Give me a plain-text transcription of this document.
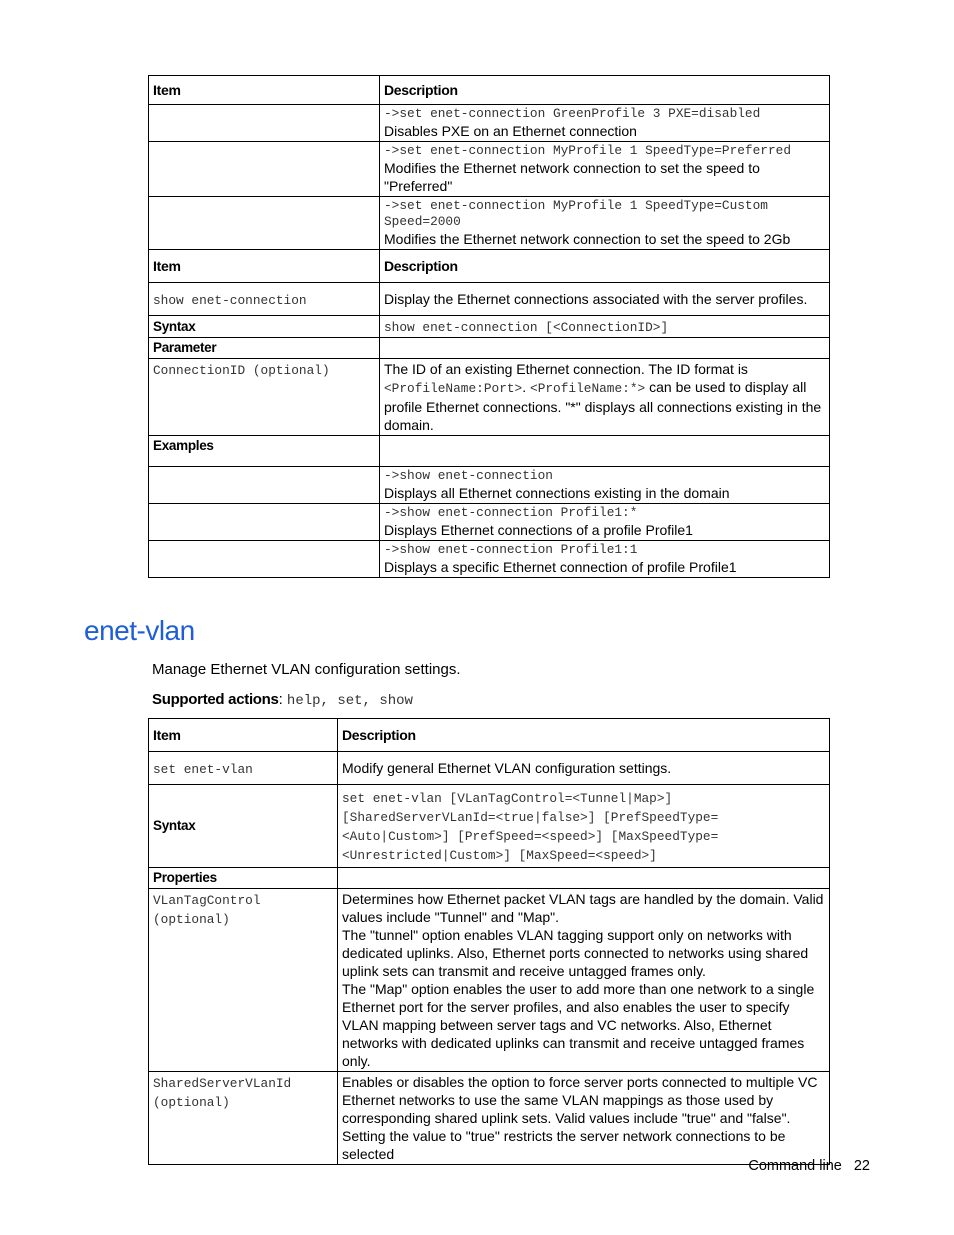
Item	Description

	->set enet-connection GreenProfile 3 PXE=disabled
Disables PXE on an Ethernet connection

	->set enet-connection MyProfile 1 SpeedType=Preferred
Modifies the Ethernet network connection to set the speed to "Preferred"

	->set enet-connection MyProfile 1 SpeedType=Custom Speed=2000
Modifies the Ethernet network connection to set the speed to 2Gb
Item	Description
show enet-connection	Display the Ethernet connections associated with the server profiles.
Syntax	show enet-connection [<ConnectionID>]
Parameter	
ConnectionID (optional)	The ID of an existing Ethernet connection. The ID format is <ProfileName:Port>. <ProfileName:*> can be used to display all profile Ethernet connections. "*" displays all connections existing in the domain.
Examples	

	->show enet-connection
Displays all Ethernet connections existing in the domain

	->show enet-connection Profile1:*
Displays Ethernet connections of a profile Profile1

	->show enet-connection Profile1:1
Displays a specific Ethernet connection of profile Profile1
enet-vlan

Manage Ethernet VLAN configuration settings.

Supported actions: help, set, show

Item	Description
set enet-vlan	Modify general Ethernet VLAN configuration settings.
Syntax	set enet-vlan [VLanTagControl=<Tunnel|Map>] [SharedServerVLanId=<true|false>] [PrefSpeedType=<Auto|Custom>] [PrefSpeed=<speed>] [MaxSpeedType=<Unrestricted|Custom>] [MaxSpeed=<speed>]
Properties	
VLanTagControl (optional)	Determines how Ethernet packet VLAN tags are handled by the domain. Valid values include "Tunnel" and "Map".
The "tunnel" option enables VLAN tagging support only on networks with dedicated uplinks. Also, Ethernet ports connected to networks using shared uplink sets can transmit and receive untagged frames only.
The "Map" option enables the user to add more than one network to a single Ethernet port for the server profiles, and also enables the user to specify VLAN mapping between server tags and VC networks. Also, Ethernet networks with dedicated uplinks can transmit and receive untagged frames only.

SharedServerVLanId (optional)	Enables or disables the option to force server ports connected to multiple VC Ethernet networks to use the same VLAN mappings as those used by corresponding shared uplink sets. Valid values include "true" and "false". Setting the value to "true" restricts the server network connections to be selected
Command line 22
